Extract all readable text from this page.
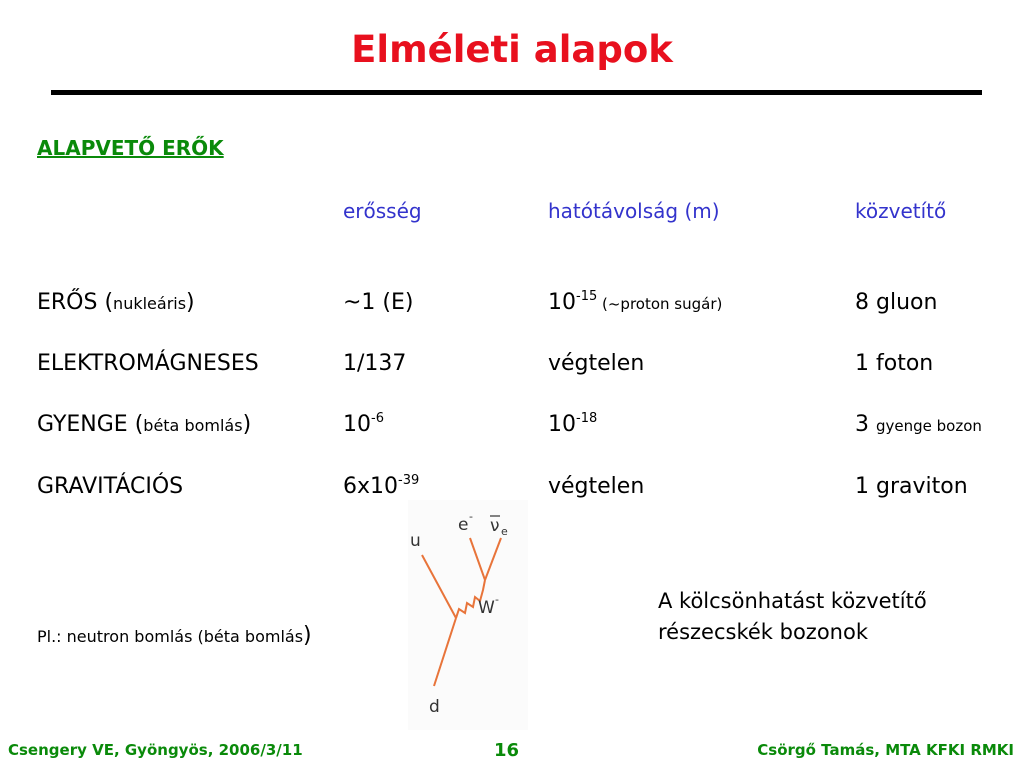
Elméleti alapok
ALAPVETŐ ERŐK
erősség	hatótávolság (m)	közvetítő
ERŐS (nukleáris)	~1 (E)	$10^{-15}$ (~proton sugár)	8 gluon
ELEKTROMÁGNESES	1/137	végtelen	1 foton
GYENGE (béta bomlás)	$10^{-6}$	$10^{-18}$	3 gyenge bozon
GRAVITÁCIÓS	$6x10^{-39}$	végtelen	1 graviton
Pl.: neutron bomlás (béta bomlás)
u
e - ν e
W -
d
A kölcsönhatást közvetítő
részecskék bozonok
Csengery VE, Gyöngyös, 2006/3/11	16	Csörgő Tamás, MTA KFKI RMKI
